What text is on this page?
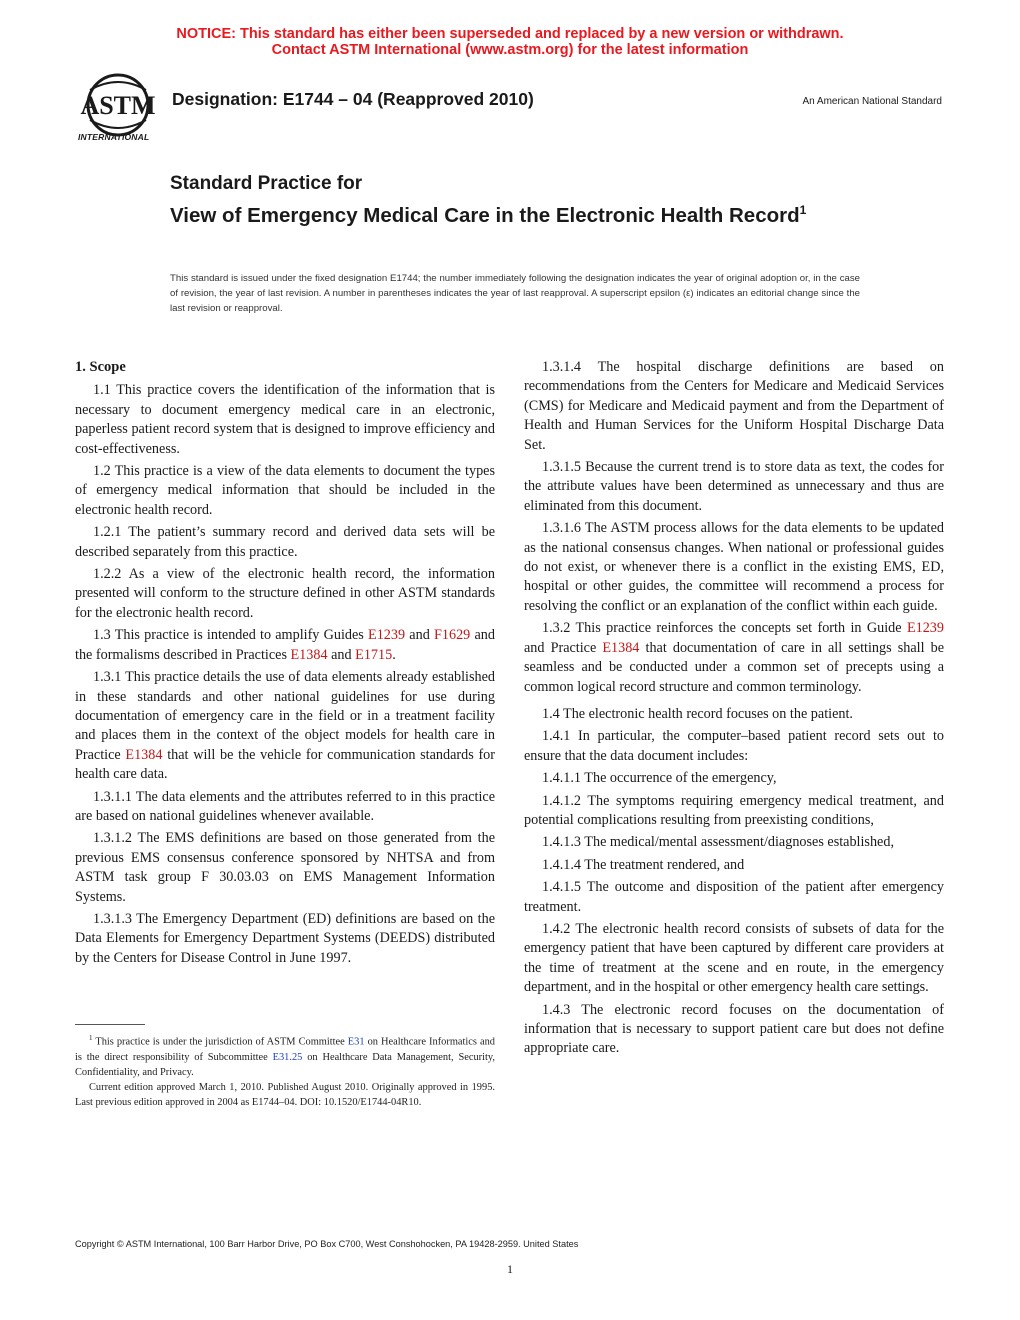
NOTICE: This standard has either been superseded and replaced by a new version or withdrawn.
Contact ASTM International (www.astm.org) for the latest information
ASTM
INTERNATIONAL
Designation: E1744 – 04 (Reapproved 2010)	An American National Standard
Standard Practice for
View of Emergency Medical Care in the Electronic Health Record$^1$
This standard is issued under the fixed designation E1744; the number immediately following the designation indicates the year of original adoption or, in the case of revision, the year of last revision. A number in parentheses indicates the year of last reapproval. A superscript epsilon (ε) indicates an editorial change since the last revision or reapproval.
1. Scope

1.1 This practice covers the identification of the information that is necessary to document emergency medical care in an electronic, paperless patient record system that is designed to improve efficiency and cost-effectiveness.

1.2 This practice is a view of the data elements to document the types of emergency medical information that should be included in the electronic health record.

1.2.1 The patient’s summary record and derived data sets will be described separately from this practice.

1.2.2 As a view of the electronic health record, the information presented will conform to the structure defined in other ASTM standards for the electronic health record.

1.3 This practice is intended to amplify Guides E1239 and F1629 and the formalisms described in Practices E1384 and E1715.

1.3.1 This practice details the use of data elements already established in these standards and other national guidelines for use during documentation of emergency care in the field or in a treatment facility and places them in the context of the object models for health care in Practice E1384 that will be the vehicle for communication standards for health care data.

1.3.1.1 The data elements and the attributes referred to in this practice are based on national guidelines whenever available.

1.3.1.2 The EMS definitions are based on those generated from the previous EMS consensus conference sponsored by NHTSA and from ASTM task group F 30.03.03 on EMS Management Information Systems.

1.3.1.3 The Emergency Department (ED) definitions are based on the Data Elements for Emergency Department Systems (DEEDS) distributed by the Centers for Disease Control in June 1997.

1.3.1.4 The hospital discharge definitions are based on recommendations from the Centers for Medicare and Medicaid Services (CMS) for Medicare and Medicaid payment and from the Department of Health and Human Services for the Uniform Hospital Discharge Data Set.

1.3.1.5 Because the current trend is to store data as text, the codes for the attribute values have been determined as unnecessary and thus are eliminated from this document.

1.3.1.6 The ASTM process allows for the data elements to be updated as the national consensus changes. When national or professional guides do not exist, or whenever there is a conflict in the existing EMS, ED, hospital or other guides, the committee will recommend a process for resolving the conflict or an explanation of the conflict within each guide.

1.3.2 This practice reinforces the concepts set forth in Guide E1239 and Practice E1384 that documentation of care in all settings shall be seamless and be conducted under a common set of precepts using a common logical record structure and common terminology.

1.4 The electronic health record focuses on the patient.

1.4.1 In particular, the computer–based patient record sets out to ensure that the data document includes:

1.4.1.1 The occurrence of the emergency,

1.4.1.2 The symptoms requiring emergency medical treatment, and potential complications resulting from preexisting conditions,

1.4.1.3 The medical/mental assessment/diagnoses established,

1.4.1.4 The treatment rendered, and

1.4.1.5 The outcome and disposition of the patient after emergency treatment.

1.4.2 The electronic health record consists of subsets of data for the emergency patient that have been captured by different care providers at the time of treatment at the scene and en route, in the emergency department, and in the hospital or other emergency health care settings.

1.4.3 The electronic record focuses on the documentation of information that is necessary to support patient care but does not define appropriate care.

$^1$ This practice is under the jurisdiction of ASTM Committee E31 on Healthcare Informatics and is the direct responsibility of Subcommittee E31.25 on Healthcare Data Management, Security, Confidentiality, and Privacy.

Current edition approved March 1, 2010. Published August 2010. Originally approved in 1995. Last previous edition approved in 2004 as E1744–04. DOI: 10.1520/E1744-04R10.

Copyright © ASTM International, 100 Barr Harbor Drive, PO Box C700, West Conshohocken, PA 19428-2959. United States
1
